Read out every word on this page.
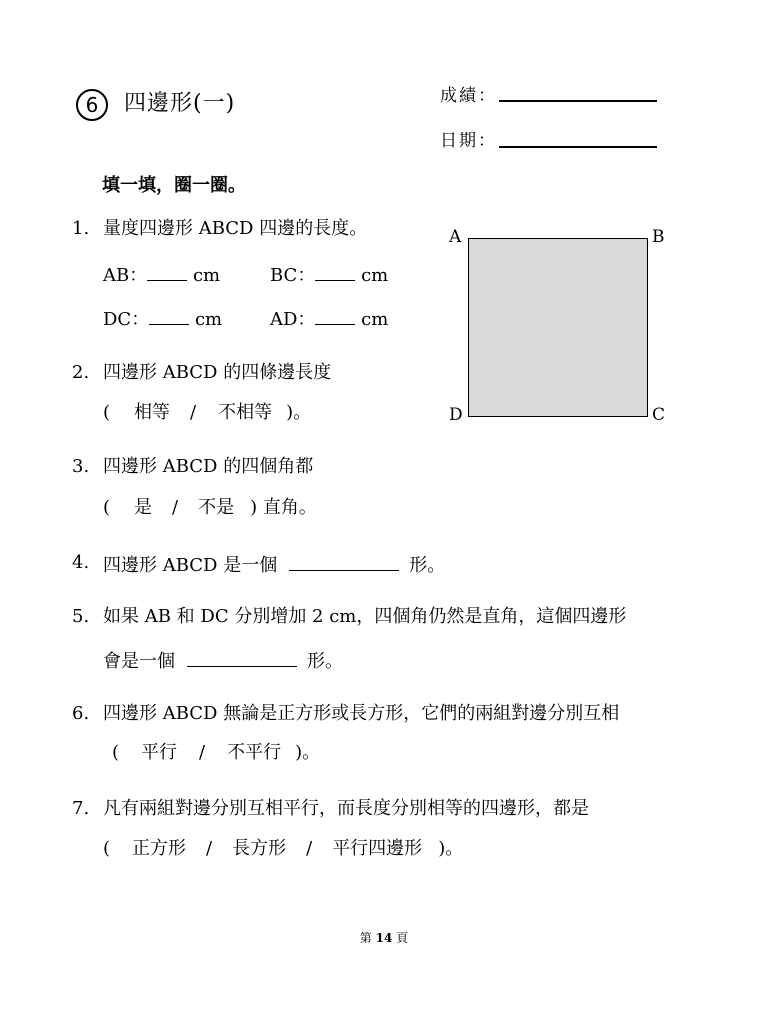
6	四邊形(一)	成績：
日期：
填一填，圈一圈。
1. 量度四邊形 ABCD 四邊的長度。
AB：	cm	BC：	cm
DC：	cm	AD：	cm
A	B
C
D
2. 四邊形 ABCD 的四條邊長度
( 相等 / 不相等 )。
3. 四邊形 ABCD 的四個角都
( 是 / 不是 ) 直角。
4. 四邊形 ABCD 是一個	形。
5. 如果 AB 和 DC 分別增加 2 cm，四個角仍然是直角，這個四邊形
會是一個	形。
6. 四邊形 ABCD 無論是正方形或長方形，它們的兩組對邊分別互相
( 平行 / 不平行 )。
7. 凡有兩組對邊分別互相平行，而長度分別相等的四邊形，都是
( 正方形 / 長方形 / 平行四邊形 )。
第 14 頁
